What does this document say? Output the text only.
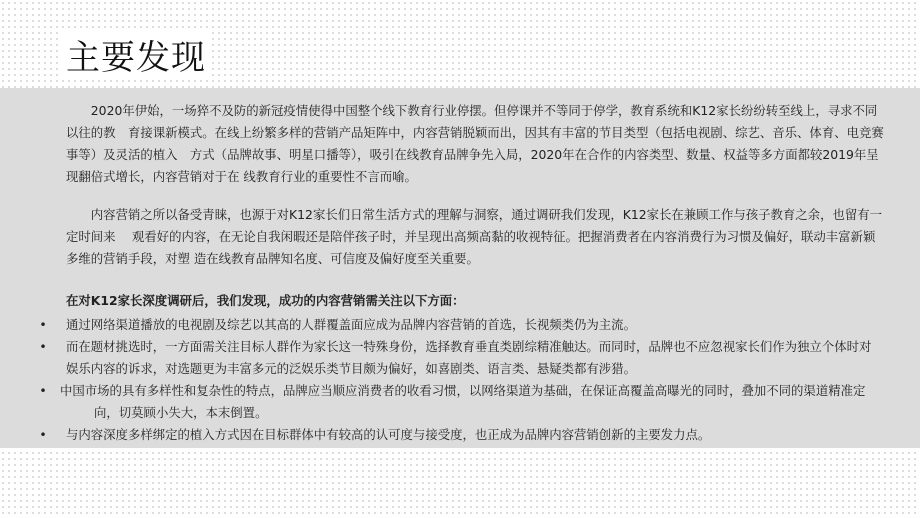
主要发现

2020年伊始，一场猝不及防的新冠疫情使得中国整个线下教育行业停摆。但停课并不等同于停学，教育系统和K12家长纷纷转至线上，寻求不同以往的教　育接课新模式。在线上纷繁多样的营销产品矩阵中，内容营销脱颖而出，因其有丰富的节目类型（包括电视剧、综艺、音乐、体育、电竞赛事等）及灵活的植入　方式（品牌故事、明星口播等），吸引在线教育品牌争先入局，2020年在合作的内容类型、数量、权益等多方面都较2019年呈现翻倍式增长，内容营销对于在 线教育行业的重要性不言而喻。

内容营销之所以备受青睐，也源于对K12家长们日常生活方式的理解与洞察，通过调研我们发现，K12家长在兼顾工作与孩子教育之余，也留有一定时间来　 观看好的内容，在无论自我闲暇还是陪伴孩子时，并呈现出高频高黏的收视特征。把握消费者在内容消费行为习惯及偏好，联动丰富新颖多维的营销手段，对塑 造在线教育品牌知名度、可信度及偏好度至关重要。

在对K12家长深度调研后，我们发现，成功的内容营销需关注以下方面：
• 通过网络渠道播放的电视剧及综艺以其高的人群覆盖面应成为品牌内容营销的首选，长视频类仍为主流。
• 而在题材挑选时，一方面需关注目标人群作为家长这一特殊身份，选择教育垂直类剧综精准触达。而同时，品牌也不应忽视家长们作为独立个体时对 娱乐内容的诉求，对选题更为丰富多元的泛娱乐类节目颇为偏好，如喜剧类、语言类、悬疑类都有涉猎。
• 中国市场的具有多样性和复杂性的特点，品牌应当顺应消费者的收看习惯，以网络渠道为基础，在保证高覆盖高曝光的同时，叠加不同的渠道精准定
向，切莫顾小失大，本末倒置。
• 与内容深度多样绑定的植入方式因在目标群体中有较高的认可度与接受度，也正成为品牌内容营销创新的主要发力点。
